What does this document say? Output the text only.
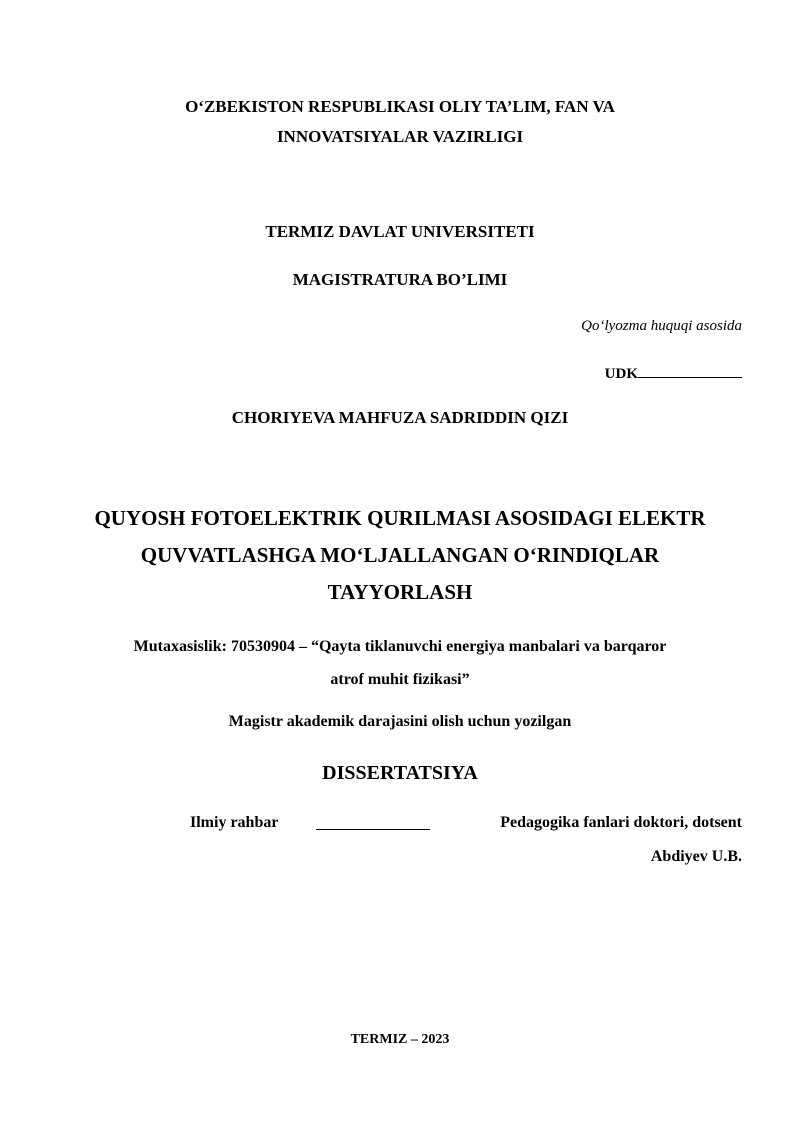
O‘ZBEKISTON RESPUBLIKASI OLIY TA’LIM, FAN VA
INNOVATSIYALAR VAZIRLIGI
TERMIZ DAVLAT UNIVERSITETI
MAGISTRATURA BO’LIMI
Qo‘lyozma huquqi asosida
UDK
CHORIYEVA MAHFUZA SADRIDDIN QIZI
QUYOSH FOTOELEKTRIK QURILMASI ASOSIDAGI ELEKTR
QUVVATLASHGA MO‘LJALLANGAN O‘RINDIQLAR
TAYYORLASH
Mutaxasislik: 70530904 – “Qayta tiklanuvchi energiya manbalari va barqaror
atrof muhit fizikasi”
Magistr akademik darajasini olish uchun yozilgan
DISSERTATSIYA
Ilmiy rahbar	Pedagogika fanlari doktori, dotsent
Abdiyev U.B.
TERMIZ – 2023
